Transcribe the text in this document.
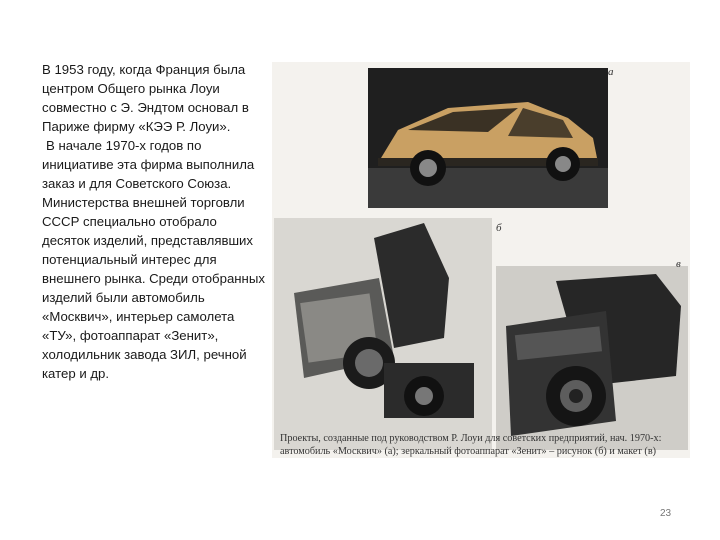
В 1953 году, когда Франция была центром Общего рынка Лоуи совместно с Э. Эндтом основал в Париже фирму «КЭЭ Р. Лоуи».

В начале 1970-х годов по инициативе эта фирма выполнила заказ и для Советского Союза. Министерства внешней торговли СССР специально отобрало десяток изделий, представлявших потенциальный интерес для внешнего рынка. Среди отобранных изделий были автомобиль «Москвич», интерьер самолета «ТУ», фотоаппарат «Зенит», холодильник завода ЗИЛ, речной катер и др.

а
б
в
Проекты, созданные под руководством Р. Лоуи для советских предприятий, нач. 1970-х: автомобиль «Москвич» (а); зеркальный фотоаппарат «Зенит» – рисунок (б) и макет (в)
23
